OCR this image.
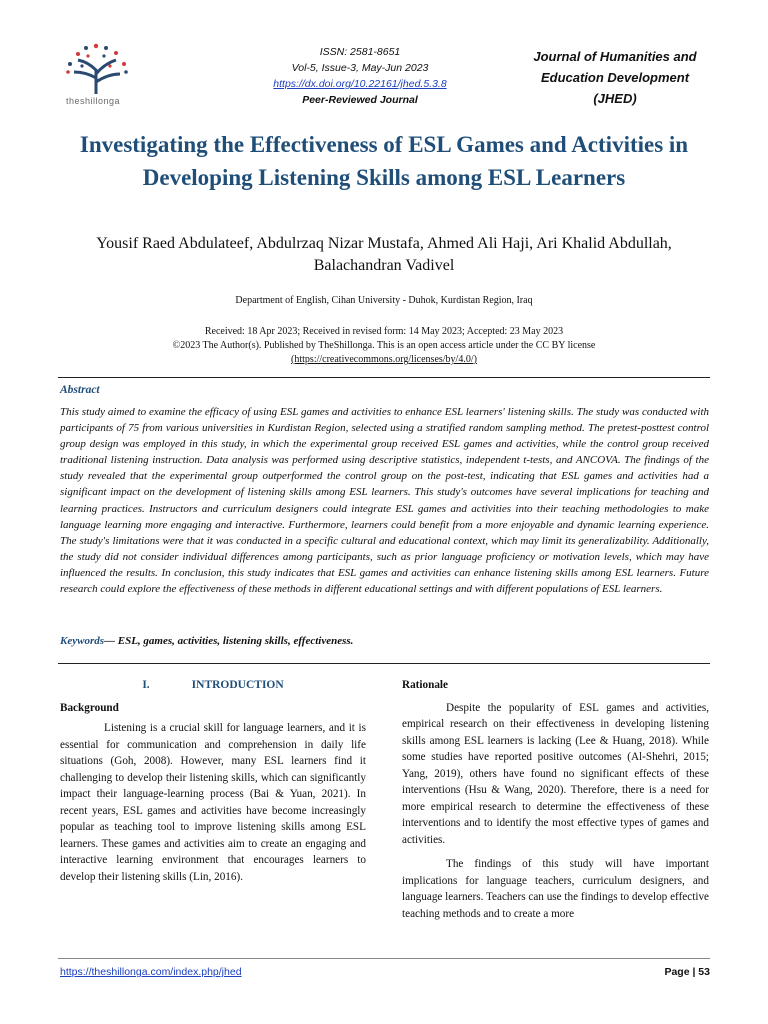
theshillonga
ISSN: 2581-8651
Vol-5, Issue-3, May-Jun 2023
https://dx.doi.org/10.22161/jhed.5.3.8
Peer-Reviewed Journal
Journal of Humanities and
Education Development
(JHED)
Investigating the Effectiveness of ESL Games and Activities in Developing Listening Skills among ESL Learners
Yousif Raed Abdulateef, Abdulrzaq Nizar Mustafa, Ahmed Ali Haji, Ari Khalid Abdullah, Balachandran Vadivel
Department of English, Cihan University - Duhok, Kurdistan Region, Iraq
Received: 18 Apr 2023; Received in revised form: 14 May 2023; Accepted: 23 May 2023
©2023 The Author(s). Published by TheShillonga. This is an open access article under the CC BY license
(https://creativecommons.org/licenses/by/4.0/)
Abstract
This study aimed to examine the efficacy of using ESL games and activities to enhance ESL learners' listening skills. The study was conducted with participants of 75 from various universities in Kurdistan Region, selected using a stratified random sampling method. The pretest-posttest control group design was employed in this study, in which the experimental group received ESL games and activities, while the control group received traditional listening instruction. Data analysis was performed using descriptive statistics, independent t-tests, and ANCOVA. The findings of the study revealed that the experimental group outperformed the control group on the post-test, indicating that ESL games and activities had a significant impact on the development of listening skills among ESL learners. This study's outcomes have several implications for teaching and learning practices. Instructors and curriculum designers could integrate ESL games and activities into their teaching methodologies to make language learning more engaging and interactive. Furthermore, learners could benefit from a more enjoyable and dynamic learning experience. The study's limitations were that it was conducted in a specific cultural and educational context, which may limit its generalizability. Additionally, the study did not consider individual differences among participants, such as prior language proficiency or motivation levels, which may have influenced the results. In conclusion, this study indicates that ESL games and activities can enhance listening skills among ESL learners. Future research could explore the effectiveness of these methods in different educational settings and with different populations of ESL learners.
Keywords— ESL, games, activities, listening skills, effectiveness.
I.	INTRODUCTION
Background

Listening is a crucial skill for language learners, and it is essential for communication and comprehension in daily life situations (Goh, 2008). However, many ESL learners find it challenging to develop their listening skills, which can significantly impact their language-learning process (Bai & Yuan, 2021). In recent years, ESL games and activities have become increasingly popular as teaching tool to improve listening skills among ESL learners. These games and activities aim to create an engaging and interactive learning environment that encourages learners to develop their listening skills (Lin, 2016).

Rationale

Despite the popularity of ESL games and activities, empirical research on their effectiveness in developing listening skills among ESL learners is lacking (Lee & Huang, 2018). While some studies have reported positive outcomes (Al-Shehri, 2015; Yang, 2019), others have found no significant effects of these interventions (Hsu & Wang, 2020). Therefore, there is a need for more empirical research to determine the effectiveness of these interventions and to identify the most effective types of games and activities.

The findings of this study will have important implications for language teachers, curriculum designers, and language learners. Teachers can use the findings to develop effective teaching methods and to create a more

https://theshillonga.com/index.php/jhed	Page | 53
